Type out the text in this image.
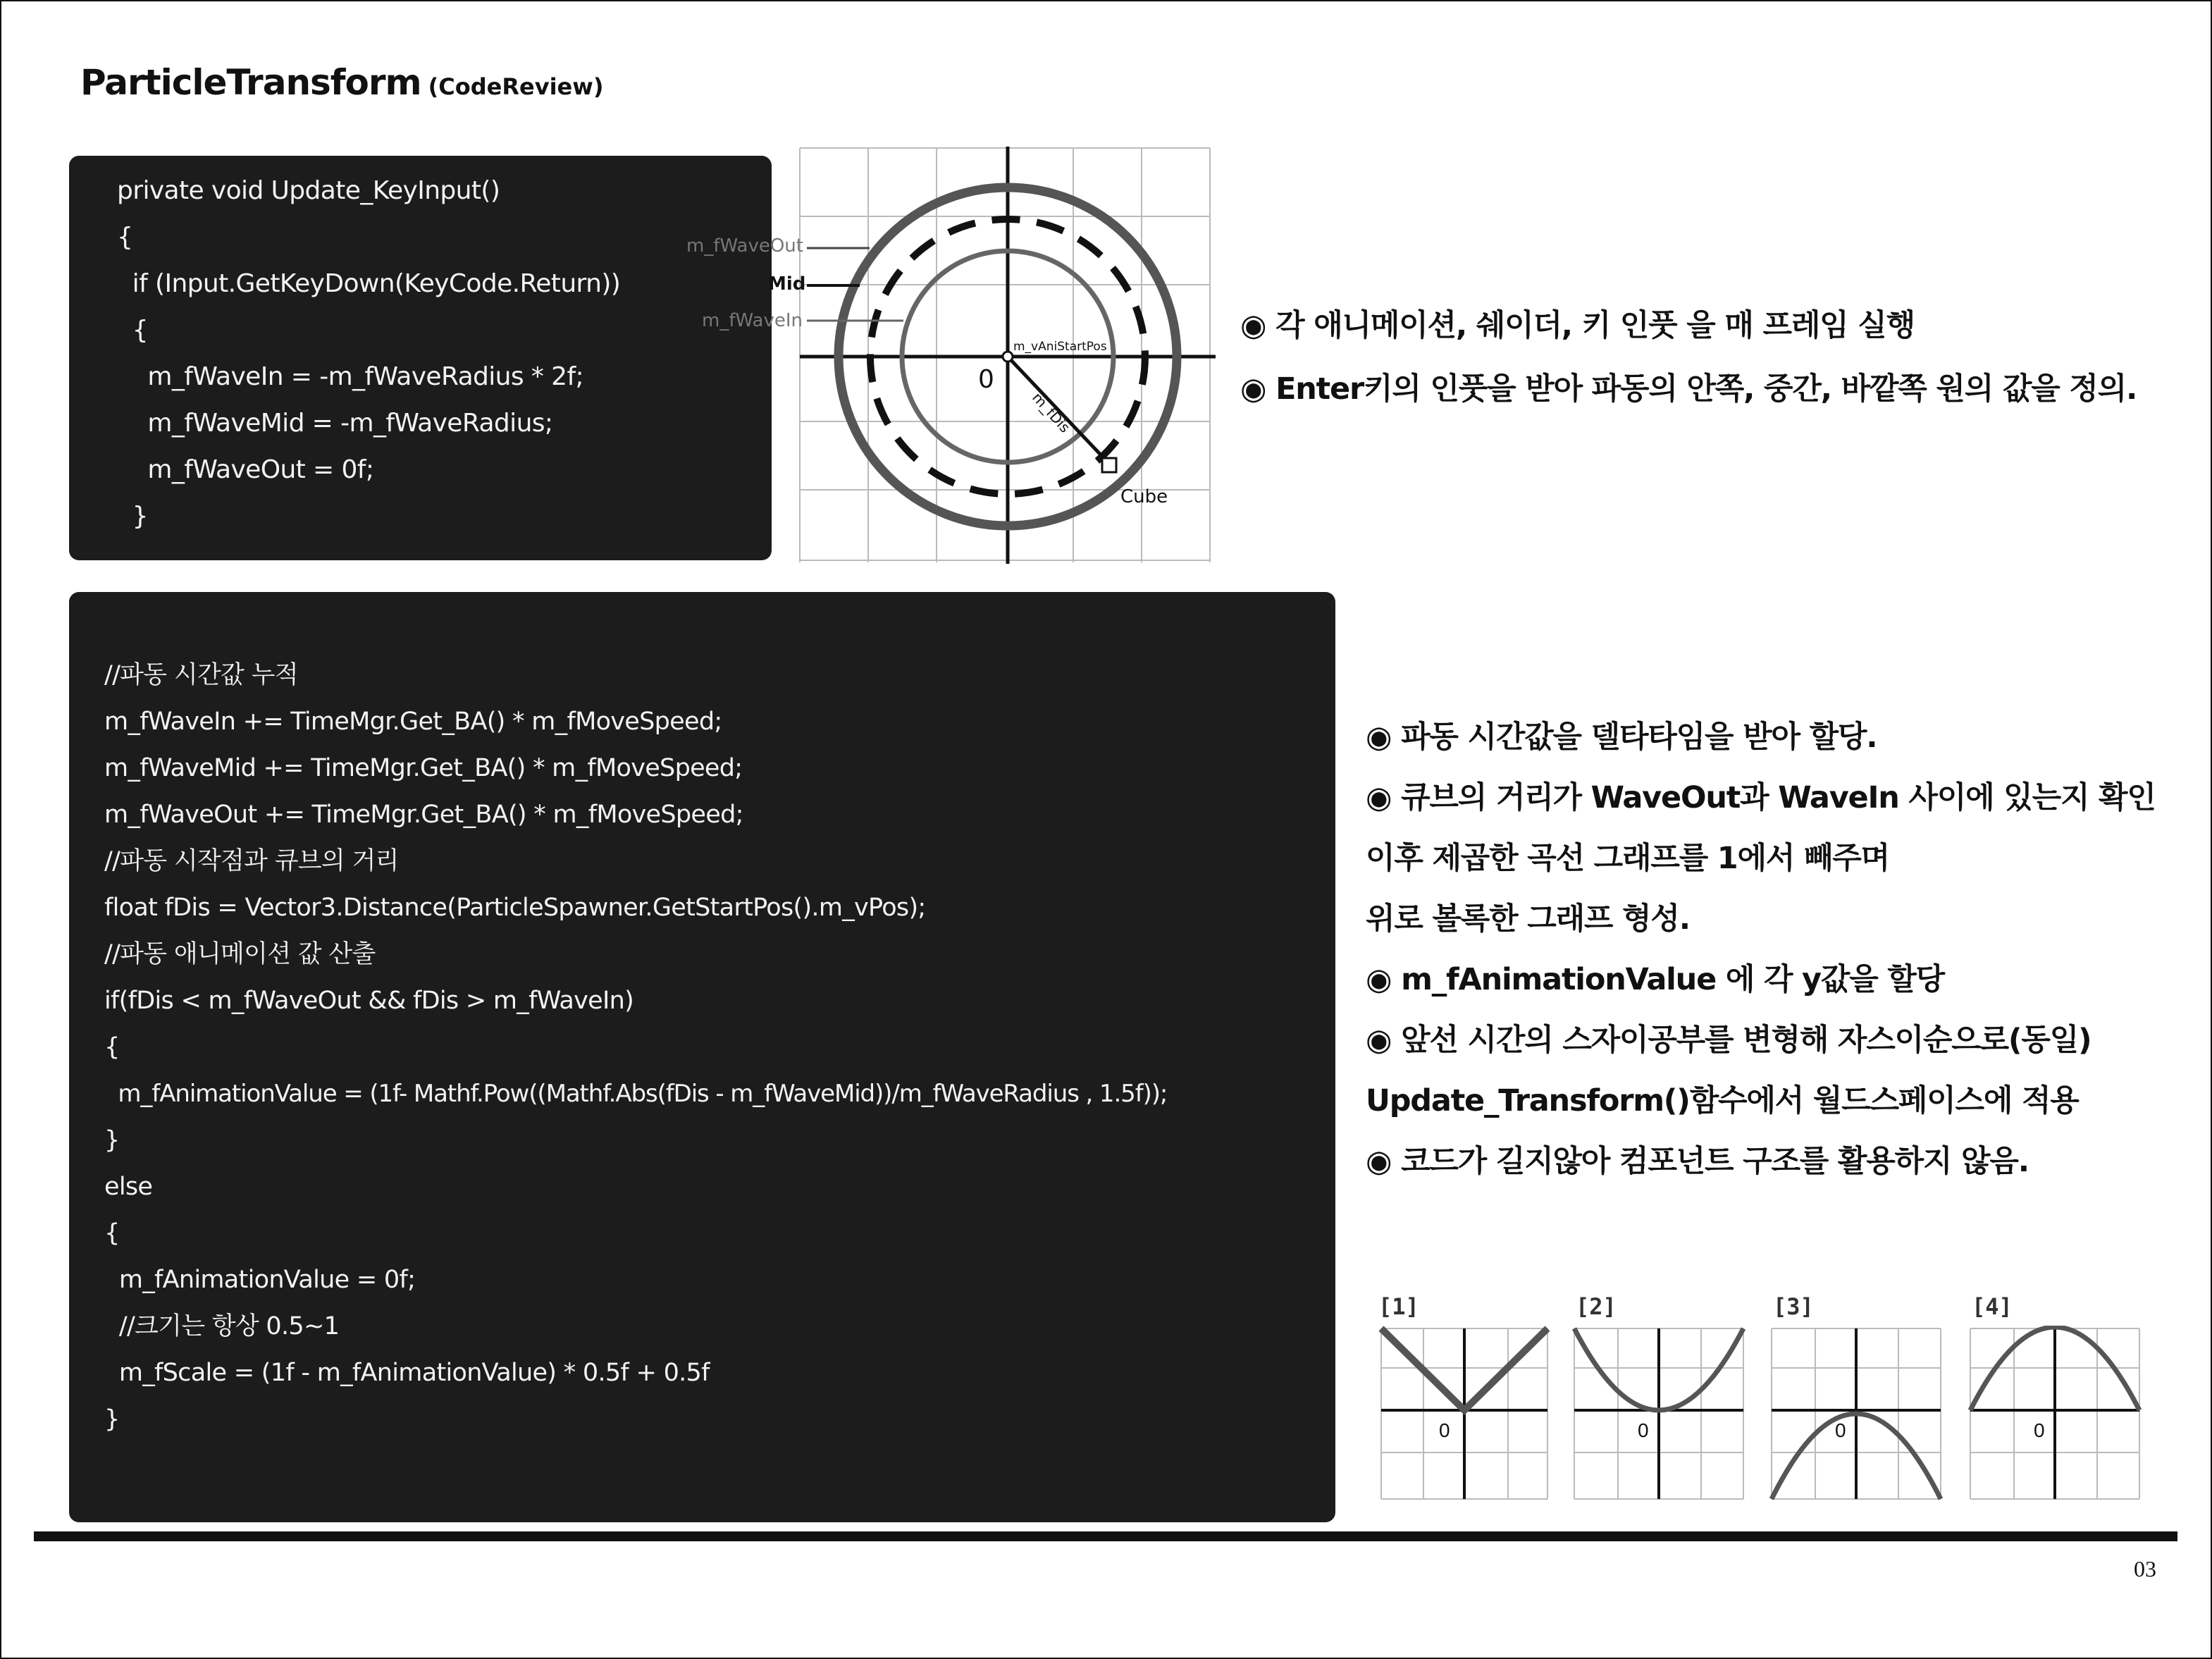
ParticleTransform (CodeReview)
private void Update_KeyInput()
{
if (Input.GetKeyDown(KeyCode.Return))
{
m_fWaveIn = -m_fWaveRadius * 2f;
m_fWaveMid = -m_fWaveRadius;
m_fWaveOut = 0f;
}
m_fWaveOut
Mid
m_fWaveIn
m_vAniStartPos
0
m_fDis
Cube
◉ 각 애니메이션, 쉐이더, 키 인풋 을 매 프레임 실행
◉ Enter키의 인풋을 받아 파동의 안쪽, 중간, 바깥쪽 원의 값을 정의.
//파동 시간값 누적
m_fWaveIn += TimeMgr.Get_BA() * m_fMoveSpeed;
m_fWaveMid += TimeMgr.Get_BA() * m_fMoveSpeed;
m_fWaveOut += TimeMgr.Get_BA() * m_fMoveSpeed;
//파동 시작점과 큐브의 거리
float fDis = Vector3.Distance(ParticleSpawner.GetStartPos().m_vPos);
//파동 애니메이션 값 산출
if(fDis < m_fWaveOut && fDis > m_fWaveIn)
{
m_fAnimationValue = (1f- Mathf.Pow((Mathf.Abs(fDis - m_fWaveMid))/m_fWaveRadius , 1.5f));
}
else
{
m_fAnimationValue = 0f;
//크기는 항상 0.5~1
m_fScale = (1f - m_fAnimationValue) * 0.5f + 0.5f
}
◉ 파동 시간값을 델타타임을 받아 할당.
◉ 큐브의 거리가 WaveOut과 WaveIn 사이에 있는지 확인
이후 제곱한 곡선 그래프를 1에서 빼주며
위로 볼록한 그래프 형성.
◉ m_fAnimationValue 에 각 y값을 할당
◉ 앞선 시간의 스자이공부를 변형해 자스이순으로(동일)
Update_Transform()함수에서 월드스페이스에 적용
◉ 코드가 길지않아 컴포넌트 구조를 활용하지 않음.
[1]
0
[2]
0
[3]
0
[4]
0
03
